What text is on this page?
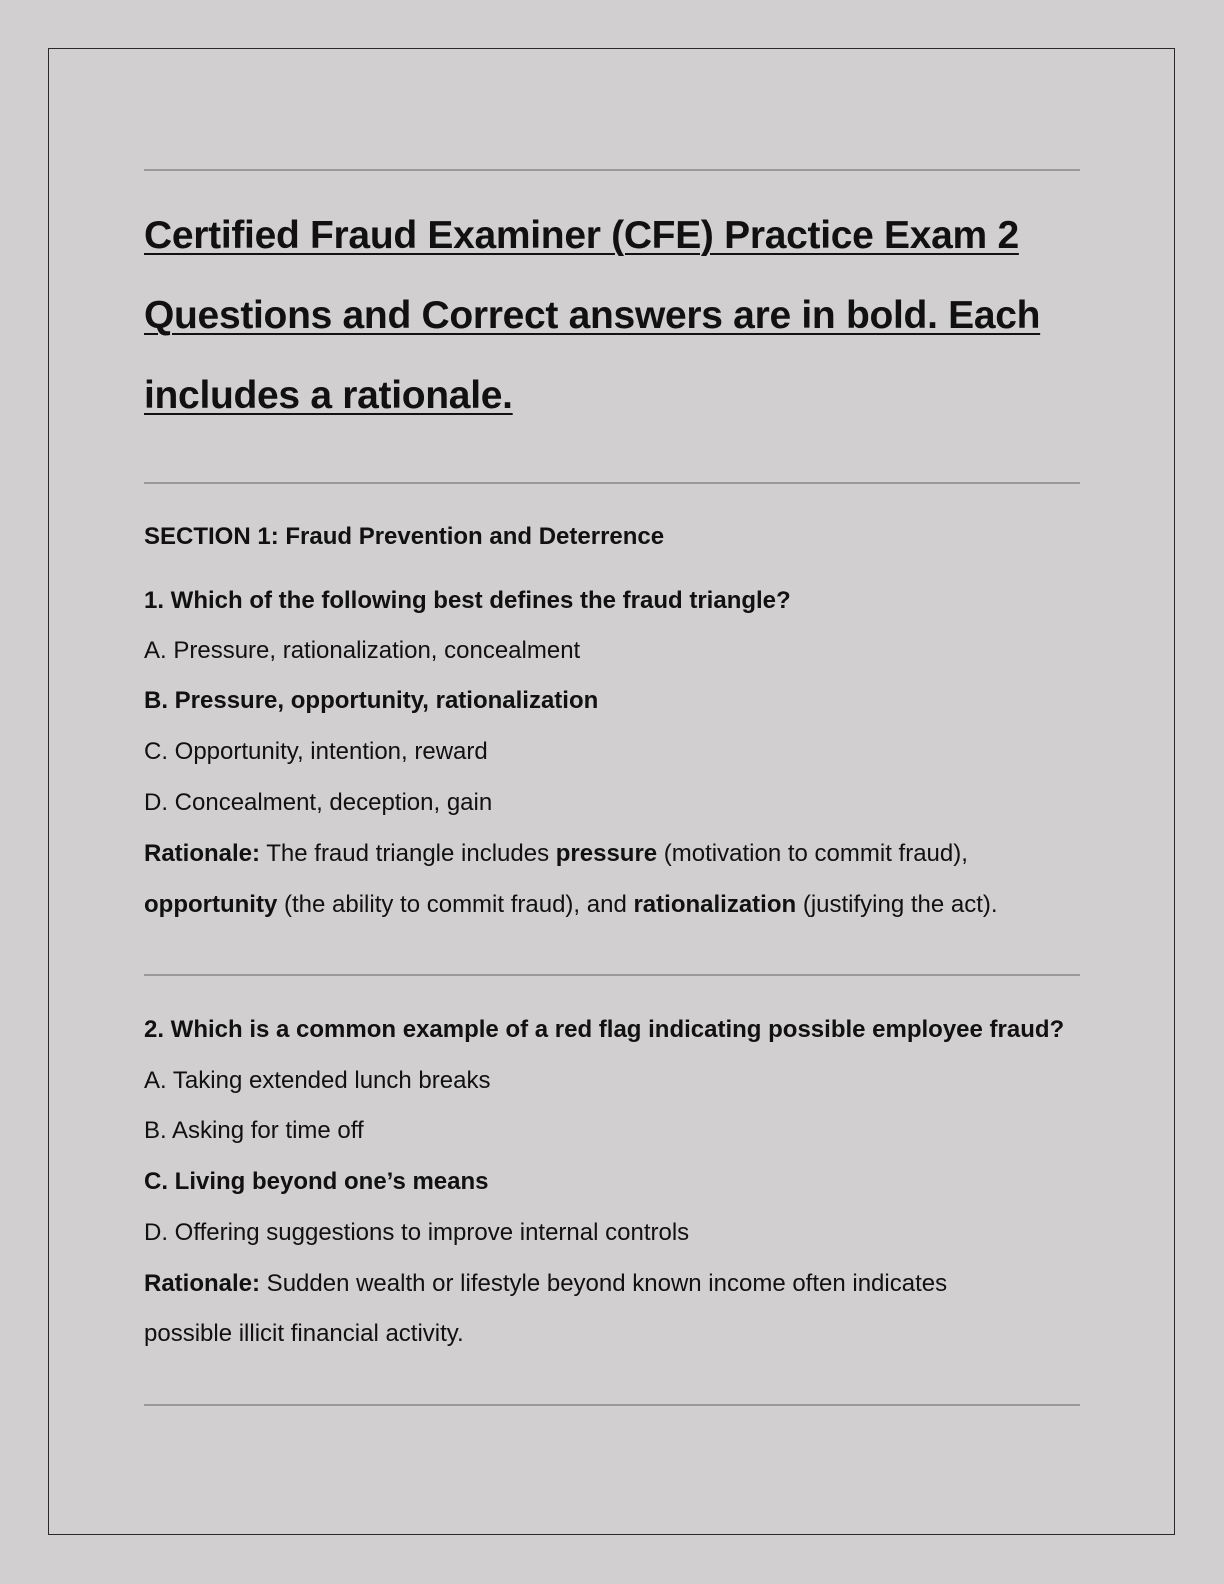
Certified Fraud Examiner (CFE) Practice Exam 2 Questions and Correct answers are in bold. Each includes a rationale.

SECTION 1: Fraud Prevention and Deterrence

1. Which of the following best defines the fraud triangle?

A. Pressure, rationalization, concealment

B. Pressure, opportunity, rationalization

C. Opportunity, intention, reward

D. Concealment, deception, gain

Rationale: The fraud triangle includes pressure (motivation to commit fraud),

opportunity (the ability to commit fraud), and rationalization (justifying the act).

2. Which is a common example of a red flag indicating possible employee fraud?

A. Taking extended lunch breaks

B. Asking for time off

C. Living beyond one’s means

D. Offering suggestions to improve internal controls

Rationale: Sudden wealth or lifestyle beyond known income often indicates

possible illicit financial activity.
